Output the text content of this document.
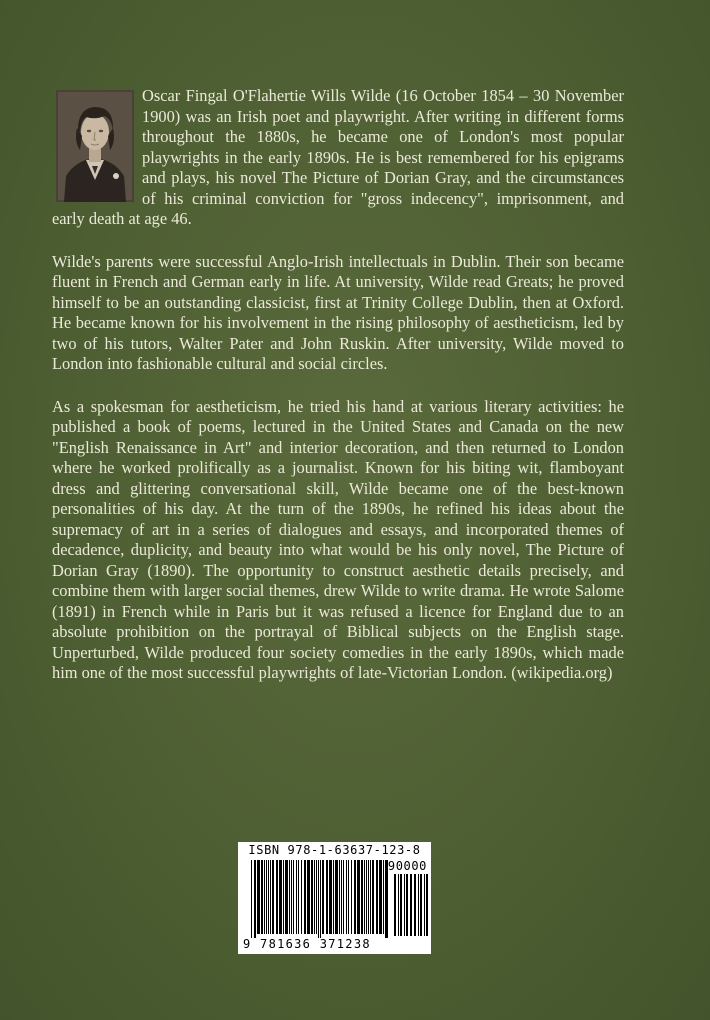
Oscar Fingal O'Flahertie Wills Wilde (16 October 1854 – 30 November 1900) was an Irish poet and playwright. After writing in different forms throughout the 1880s, he became one of London's most popular playwrights in the early 1890s. He is best remembered for his epigrams and plays, his novel The Picture of Dorian Gray, and the circumstances of his criminal conviction for "gross indecency", imprisonment, and early death at age 46.

Wilde's parents were successful Anglo-Irish intellectuals in Dublin. Their son became fluent in French and German early in life. At university, Wilde read Greats; he proved himself to be an outstanding classicist, first at Trinity College Dublin, then at Oxford. He became known for his involvement in the rising philosophy of aestheticism, led by two of his tutors, Walter Pater and John Ruskin. After university, Wilde moved to London into fashionable cultural and social circles.

As a spokesman for aestheticism, he tried his hand at various literary activities: he published a book of poems, lectured in the United States and Canada on the new "English Renaissance in Art" and interior decoration, and then returned to London where he worked prolifically as a journalist. Known for his biting wit, flamboyant dress and glittering conversational skill, Wilde became one of the best-known personalities of his day. At the turn of the 1890s, he refined his ideas about the supremacy of art in a series of dialogues and essays, and incorporated themes of decadence, duplicity, and beauty into what would be his only novel, The Picture of Dorian Gray (1890). The opportunity to construct aesthetic details precisely, and combine them with larger social themes, drew Wilde to write drama. He wrote Salome (1891) in French while in Paris but it was refused a licence for England due to an absolute prohibition on the portrayal of Biblical subjects on the English stage. Unperturbed, Wilde produced four society comedies in the early 1890s, which made him one of the most successful playwrights of late-Victorian London. (wikipedia.org)

ISBN 978-1-63637-123-8
90000
9 781636 371238
